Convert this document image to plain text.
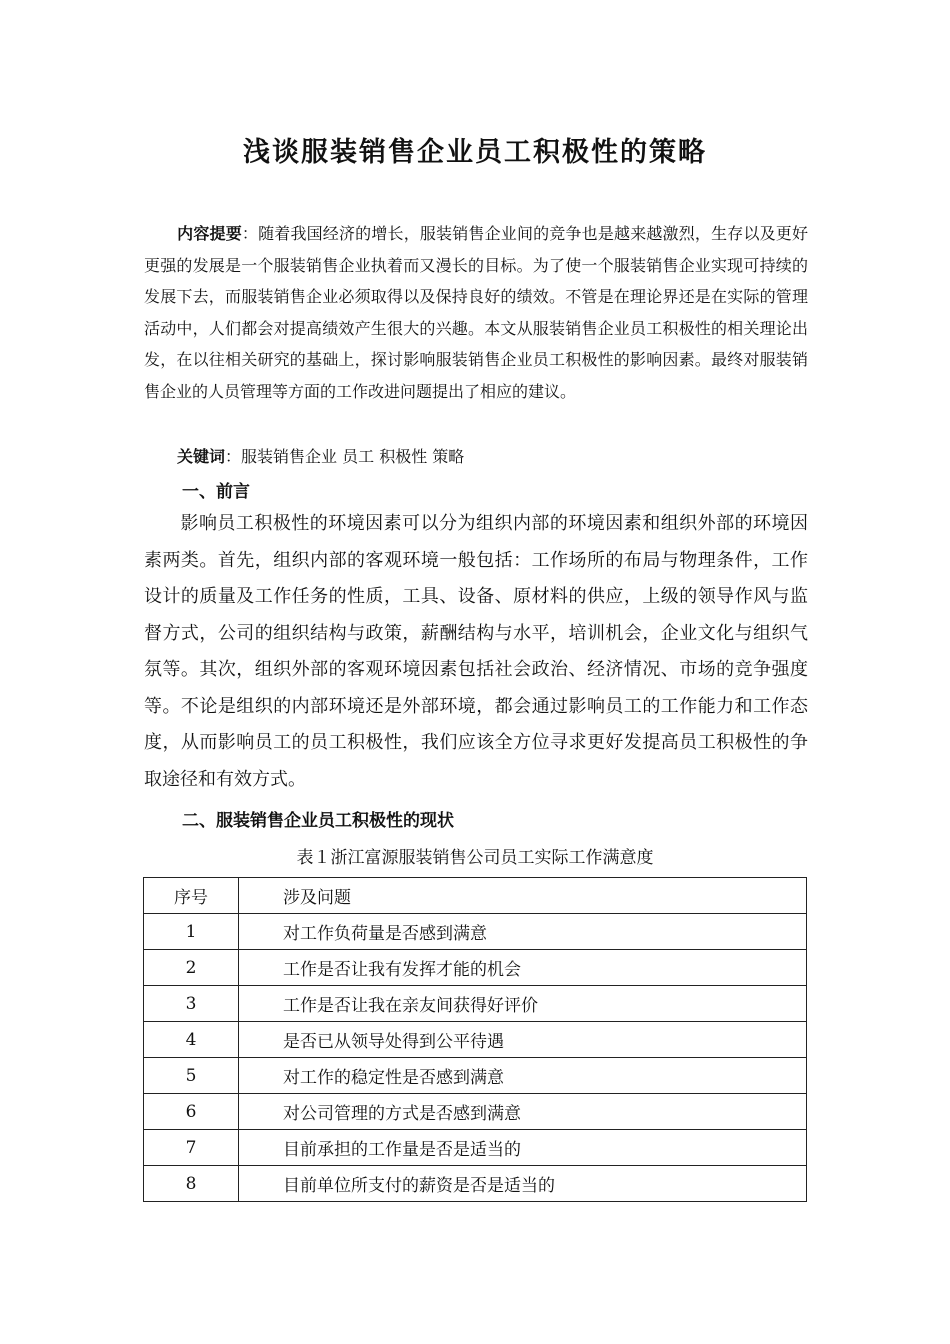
浅谈服装销售企业员工积极性的策略

内容提要：随着我国经济的增长，服装销售企业间的竞争也是越来越激烈，生存以及更好更强的发展是一个服装销售企业执着而又漫长的目标。为了使一个服装销售企业实现可持续的发展下去，而服装销售企业必须取得以及保持良好的绩效。不管是在理论界还是在实际的管理活动中，人们都会对提高绩效产生很大的兴趣。本文从服装销售企业员工积极性的相关理论出发，在以往相关研究的基础上，探讨影响服装销售企业员工积极性的影响因素。最终对服装销售企业的人员管理等方面的工作改进问题提出了相应的建议。

关键词：服装销售企业 员工 积极性 策略

一、前言

影响员工积极性的环境因素可以分为组织内部的环境因素和组织外部的环境因素两类。首先，组织内部的客观环境一般包括：工作场所的布局与物理条件，工作设计的质量及工作任务的性质，工具、设备、原材料的供应，上级的领导作风与监督方式，公司的组织结构与政策，薪酬结构与水平，培训机会，企业文化与组织气氛等。其次，组织外部的客观环境因素包括社会政治、经济情况、市场的竞争强度等。不论是组织的内部环境还是外部环境，都会通过影响员工的工作能力和工作态度，从而影响员工的员工积极性，我们应该全方位寻求更好发提高员工积极性的争取途径和有效方式。

二、服装销售企业员工积极性的现状

表１浙江富源服装销售公司员工实际工作满意度

序号	涉及问题
1	对工作负荷量是否感到满意
2	工作是否让我有发挥才能的机会
3	工作是否让我在亲友间获得好评价
4	是否已从领导处得到公平待遇
5	对工作的稳定性是否感到满意
6	对公司管理的方式是否感到满意
7	目前承担的工作量是否是适当的
8	目前单位所支付的薪资是否是适当的
